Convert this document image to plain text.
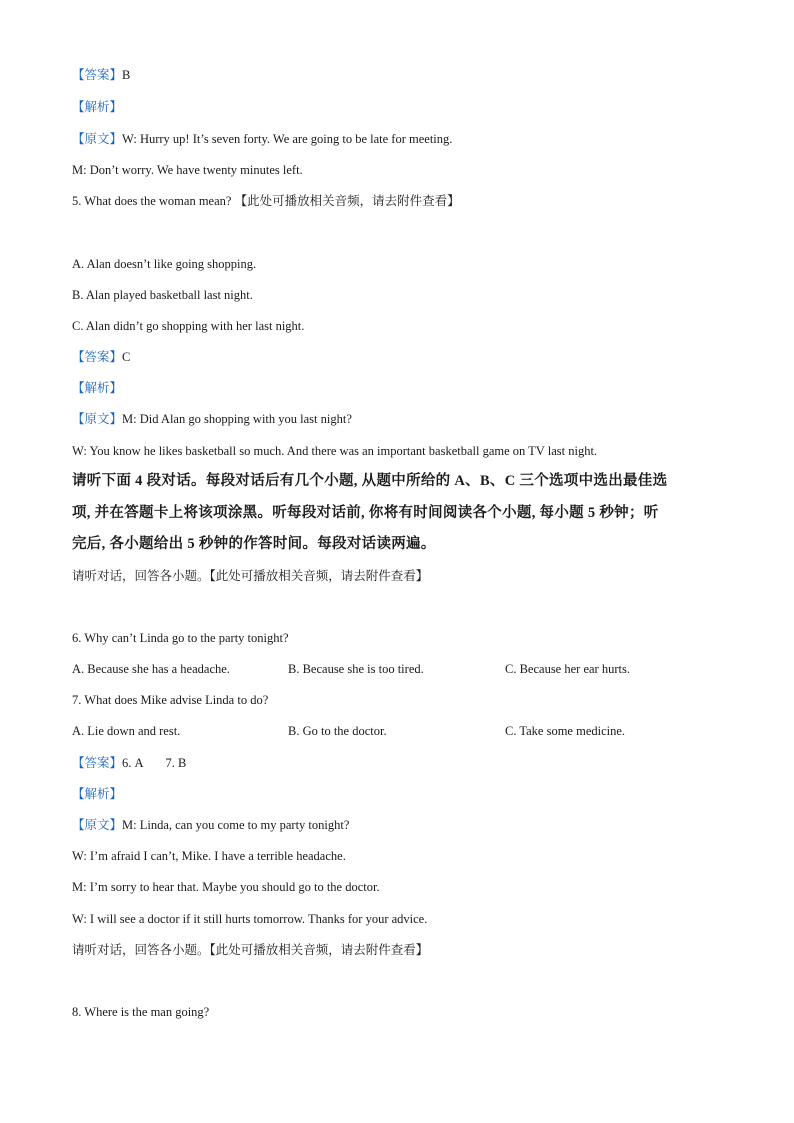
【答案】B
【解析】
【原文】W: Hurry up! It’s seven forty. We are going to be late for meeting.
M: Don’t worry. We have twenty minutes left.
5. What does the woman mean? 【此处可播放相关音频，请去附件查看】
A. Alan doesn’t like going shopping.
B. Alan played basketball last night.
C. Alan didn’t go shopping with her last night.
【答案】C
【解析】
【原文】M: Did Alan go shopping with you last night?
W: You know he likes basketball so much. And there was an important basketball game on TV last night.
请听下面 4 段对话。每段对话后有几个小题, 从题中所给的 A、B、C 三个选项中选出最佳选
项, 并在答题卡上将该项涂黑。听每段对话前, 你将有时间阅读各个小题, 每小题 5 秒钟；听
完后, 各小题给出 5 秒钟的作答时间。每段对话读两遍。
请听对话，回答各小题。【此处可播放相关音频，请去附件查看】
6. Why can’t Linda go to the party tonight?
A. Because she has a headache.	B. Because she is too tired.	C. Because her ear hurts.
7. What does Mike advise Linda to do?
A. Lie down and rest.	B. Go to the doctor.	C. Take some medicine.
【答案】6. A 7. B
【解析】
【原文】M: Linda, can you come to my party tonight?
W: I’m afraid I can’t, Mike. I have a terrible headache.
M: I’m sorry to hear that. Maybe you should go to the doctor.
W: I will see a doctor if it still hurts tomorrow. Thanks for your advice.
请听对话，回答各小题。【此处可播放相关音频，请去附件查看】
8. Where is the man going?
